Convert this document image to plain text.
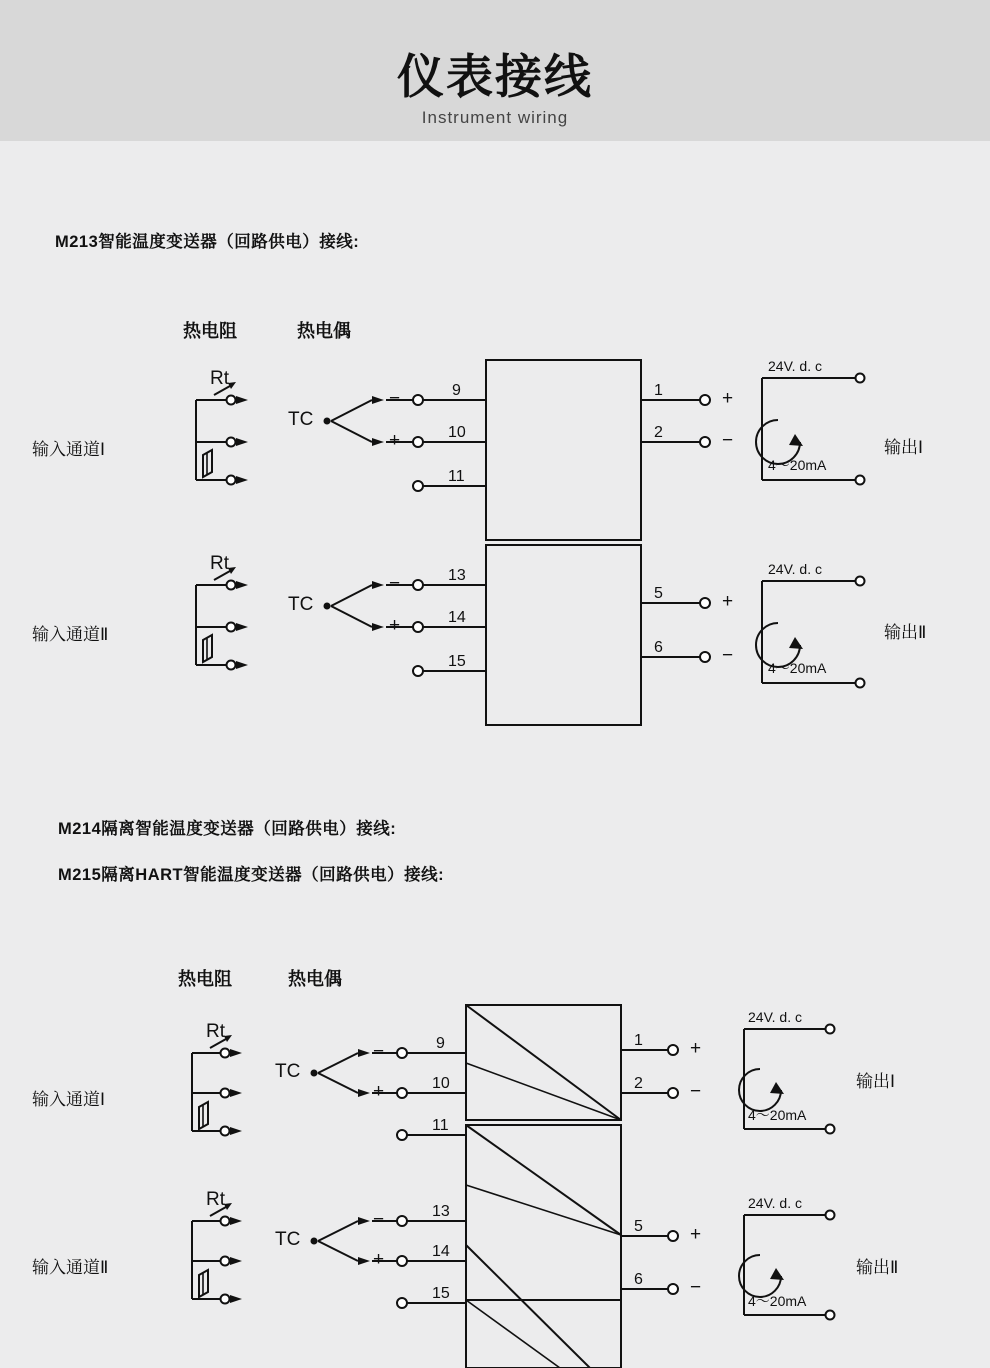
仪表接线
Instrument wiring
M213智能温度变送器（回路供电）接线:
热电阻	热电偶
输入通道Ⅰ
输入通道Ⅱ
Rt
Rt
TC
TC
−
+
−
+
9
10
11
13
14
15
1
2
5
6
+
−
+
−
24V. d. c
4～20mA
24V. d. c
4～20mA
输出Ⅰ
输出Ⅱ
M214隔离智能温度变送器（回路供电）接线:
M215隔离HART智能温度变送器（回路供电）接线:
热电阻	热电偶
输入通道Ⅰ
输入通道Ⅱ
Rt
Rt
TC
TC
−
+
−
+
9
10
11
13
14
15
1
2
5
6
+
−
+
−
24V. d. c
4～20mA
24V. d. c
4～20mA
输出Ⅰ
输出Ⅱ
